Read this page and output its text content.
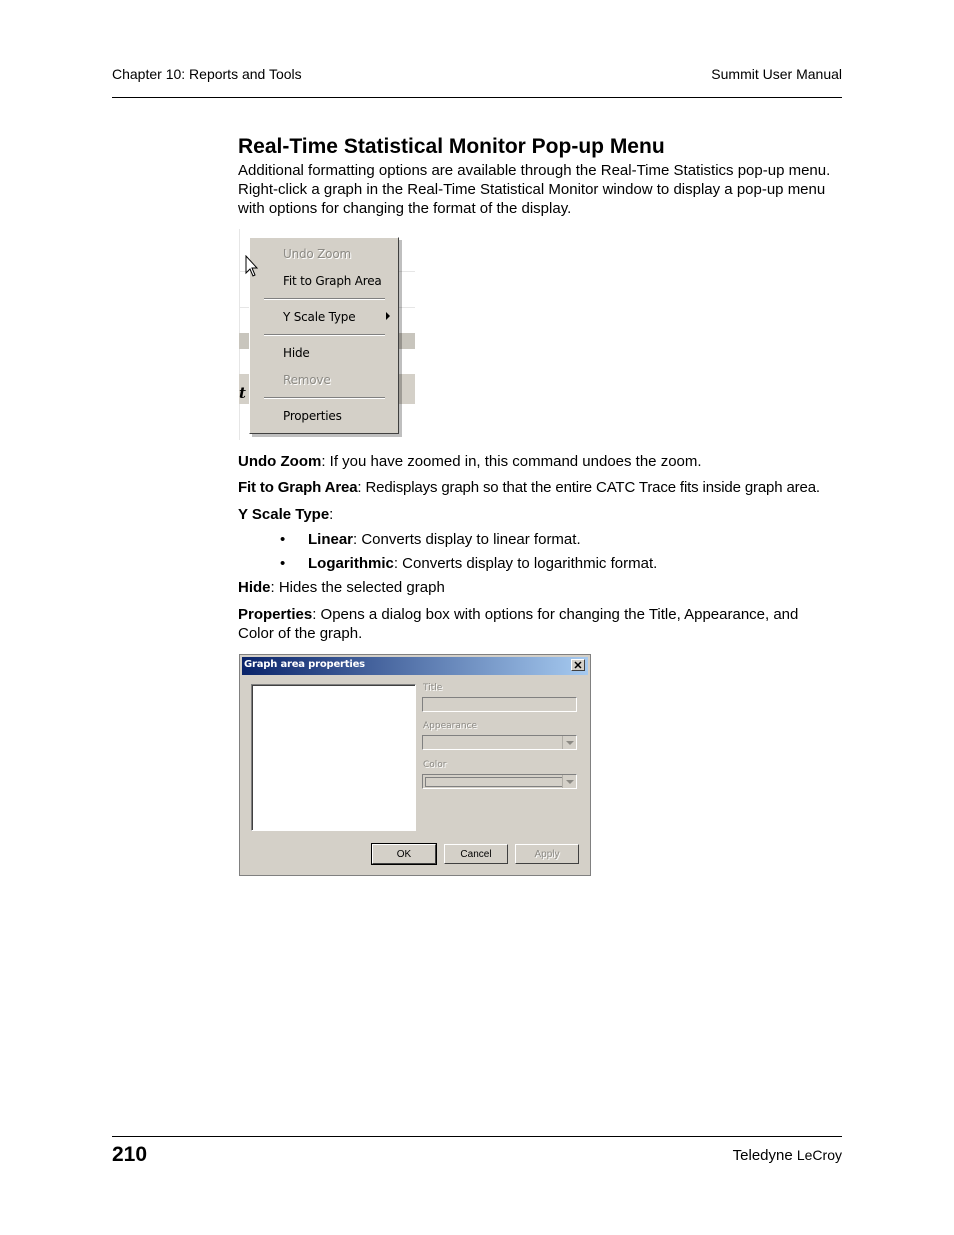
Chapter 10: Reports and Tools	Summit User Manual
Real-Time Statistical Monitor Pop-up Menu

Additional formatting options are available through the Real-Time Statistics pop-up menu. Right-click a graph in the Real-Time Statistical Monitor window to display a pop-up menu with options for changing the format of the display.

t
Undo Zoom
Fit to Graph Area
Y Scale Type
Hide
Remove
Properties

Undo Zoom: If you have zoomed in, this command undoes the zoom.

Fit to Graph Area: Redisplays graph so that the entire CATC Trace fits inside graph area.

Y Scale Type:

• Linear: Converts display to linear format.
• Logarithmic: Converts display to logarithmic format.

Hide: Hides the selected graph

Properties: Opens a dialog box with options for changing the Title, Appearance, and Color of the graph.

Graph area properties	✕
Title
Appearance
Color
OK	Cancel	Apply
210	Teledyne LeCroy
